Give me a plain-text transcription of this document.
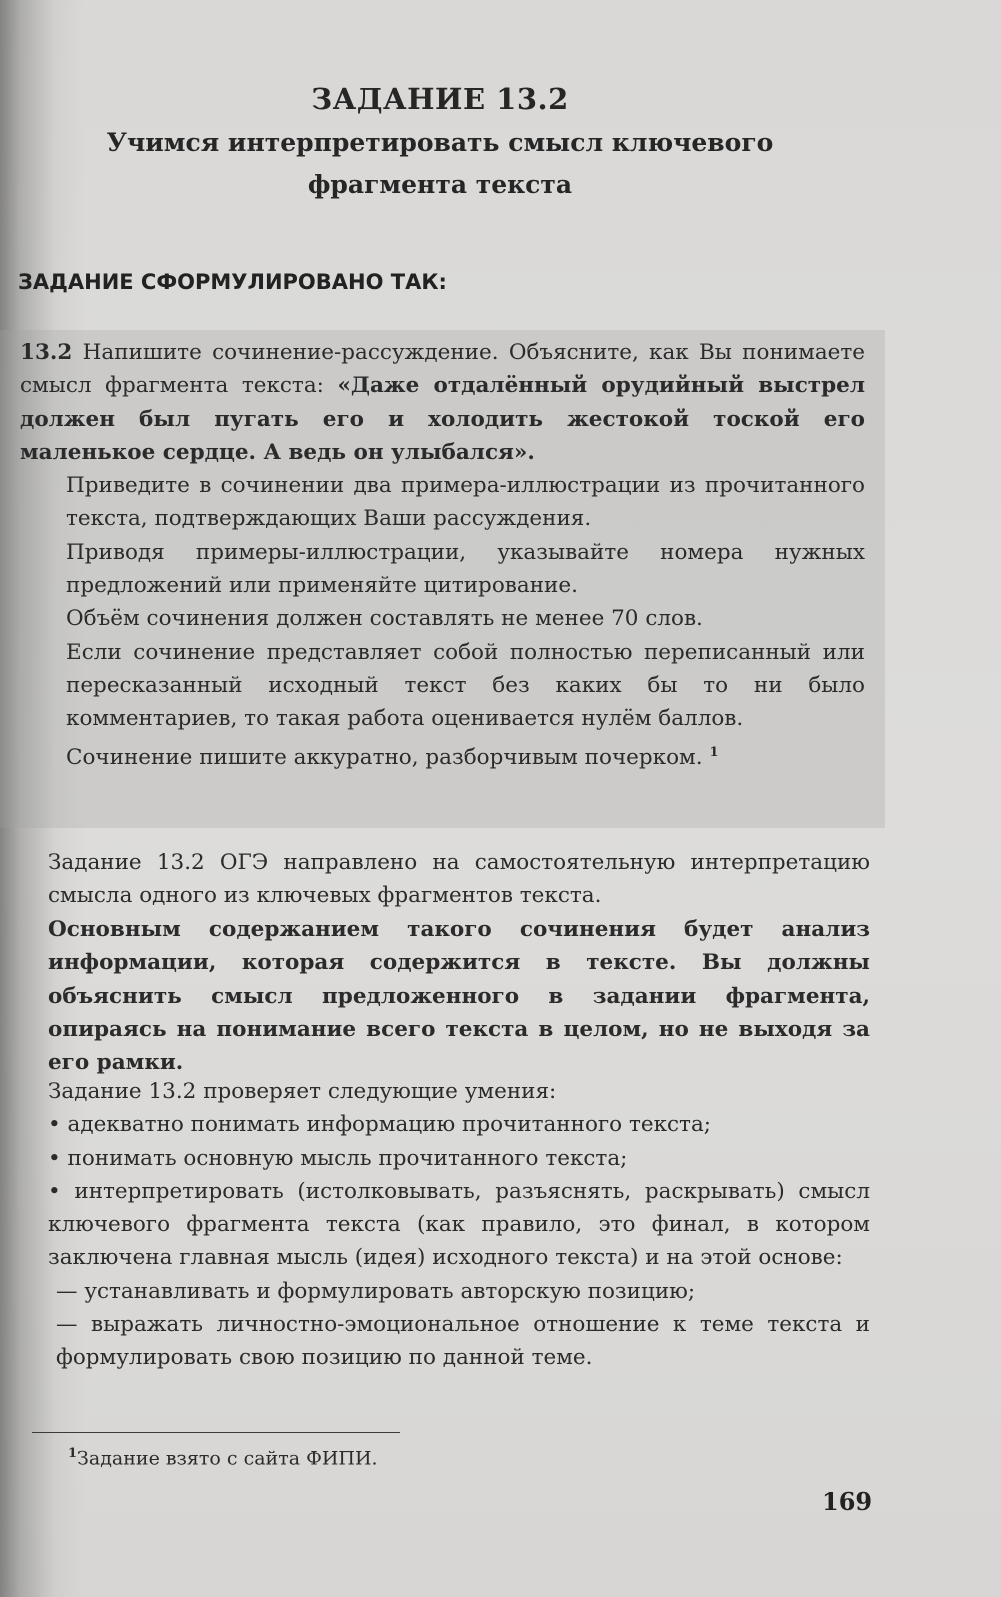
ЗАДАНИЕ 13.2
Учимся интерпретировать смысл ключевого фрагмента текста
ЗАДАНИЕ СФОРМУЛИРОВАНО ТАК:

13.2 Напишите сочинение-рассуждение. Объясните, как Вы понимаете смысл фрагмента текста: «Даже отдалённый орудийный выстрел должен был пугать его и холодить жестокой тоской его маленькое сердце. А ведь он улыбался».

Приведите в сочинении два примера-иллюстрации из прочитанного текста, подтверждающих Ваши рассуждения.

Приводя примеры-иллюстрации, указывайте номера нужных предложений или применяйте цитирование.

Объём сочинения должен составлять не менее 70 слов.

Если сочинение представляет собой полностью переписанный или пересказанный исходный текст без каких бы то ни было комментариев, то такая работа оценивается нулём баллов.

Сочинение пишите аккуратно, разборчивым почерком. $^1$

Задание 13.2 ОГЭ направлено на самостоятельную интерпретацию смысла одного из ключевых фрагментов текста.

Основным содержанием такого сочинения будет анализ информации, которая содержится в тексте. Вы должны объяснить смысл предложенного в задании фрагмента, опираясь на понимание всего текста в целом, но не выходя за его рамки.

Задание 13.2 проверяет следующие умения:
• адекватно понимать информацию прочитанного текста;
• понимать основную мысль прочитанного текста;
• интерпретировать (истолковывать, разъяснять, раскрывать) смысл ключевого фрагмента текста (как правило, это финал, в котором заключена главная мысль (идея) исходного текста) и на этой основе:
— устанавливать и формулировать авторскую позицию;
— выражать личностно-эмоциональное отношение к теме текста и формулировать свою позицию по данной теме.
$^1$Задание взято с сайта ФИПИ.
169
